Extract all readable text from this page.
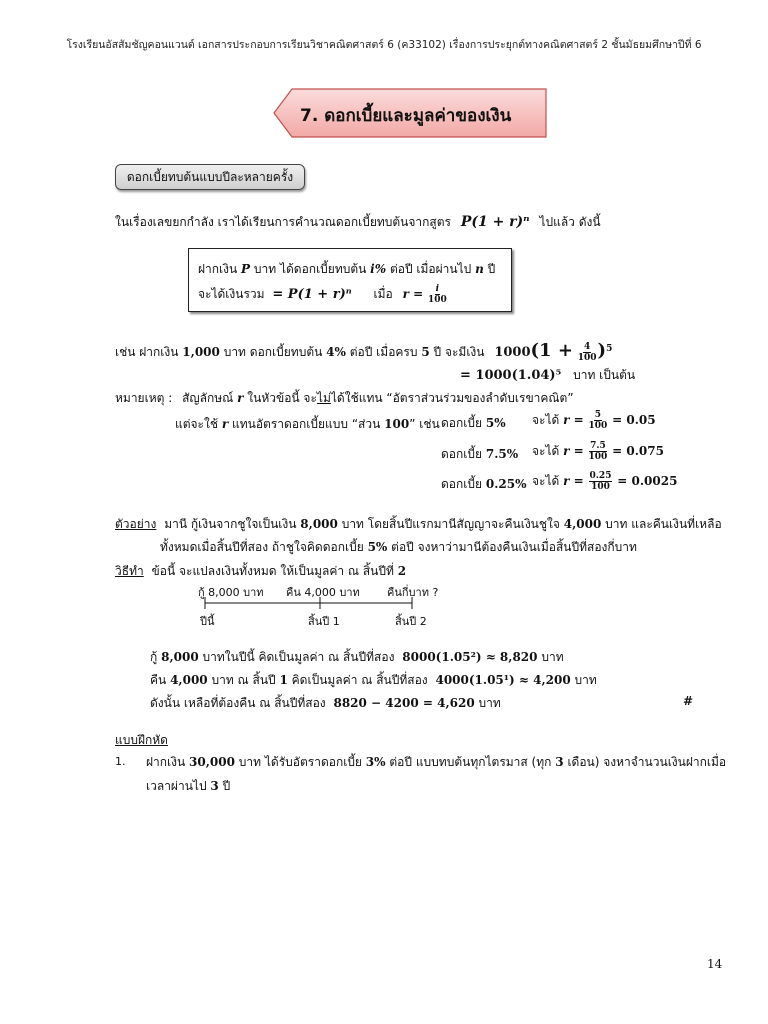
โรงเรียนอัสสัมชัญคอนแวนต์ เอกสารประกอบการเรียนวิชาคณิตศาสตร์ 6 (ค33102) เรื่องการประยุกต์ทางคณิตศาสตร์ 2 ชั้นมัธยมศึกษาปีที่ 6
7. ดอกเบี้ยและมูลค่าของเงิน
ดอกเบี้ยทบต้นแบบปีละหลายครั้ง
ในเรื่องเลขยกกำลัง เราได้เรียนการคำนวณดอกเบี้ยทบต้นจากสูตร P(1 + r)ⁿ ไปแล้ว ดังนี้
ฝากเงิน P บาท ได้ดอกเบี้ยทบต้น i% ต่อปี เมื่อผ่านไป n ปี
จะได้เงินรวม = P(1 + r)ⁿ เมื่อ $r = \frac{i}{100}$
เช่น ฝากเงิน 1,000 บาท ดอกเบี้ยทบต้น 4% ต่อปี เมื่อครบ 5 ปี จะมีเงิน $1000(1 + \frac{4}{100} )^5$
= 1000(1.04)⁵ บาท เป็นต้น
หมายเหตุ : สัญลักษณ์ r ในหัวข้อนี้ จะไม่ได้ใช้แทน “อัตราส่วนร่วมของลำดับเรขาคณิต”
แต่จะใช้ r แทนอัตราดอกเบี้ยแบบ “ส่วน 100” เช่น ดอกเบี้ย 5% จะได้ $r = \frac{5}{100} = 0.05$
ดอกเบี้ย 7.5% จะได้ $r = \frac{7.5}{100} = 0.075$
ดอกเบี้ย 0.25% จะได้ $r = \frac{0.25}{100} = 0.0025$
ตัวอย่าง มานี กู้เงินจากชูใจเป็นเงิน 8,000 บาท โดยสิ้นปีแรกมานีสัญญาจะคืนเงินชูใจ 4,000 บาท และคืนเงินที่เหลือ
ทั้งหมดเมื่อสิ้นปีที่สอง ถ้าชูใจคิดดอกเบี้ย 5% ต่อปี จงหาว่ามานีต้องคืนเงินเมื่อสิ้นปีที่สองกี่บาท
วิธีทำ ข้อนี้ จะแปลงเงินทั้งหมด ให้เป็นมูลค่า ณ สิ้นปีที่ 2
กู้ 8,000 บาท คืน 4,000 บาท คืนกี่บาท ?
ปีนี้	สิ้นปี 1	สิ้นปี 2
กู้ 8,000 บาทในปีนี้ คิดเป็นมูลค่า ณ สิ้นปีที่สอง 8000(1.05²) ≈ 8,820 บาท
คืน 4,000 บาท ณ สิ้นปี 1 คิดเป็นมูลค่า ณ สิ้นปีที่สอง 4000(1.05¹) ≈ 4,200 บาท
ดังนั้น เหลือที่ต้องคืน ณ สิ้นปีที่สอง 8820 − 4200 = 4,620 บาท	#
แบบฝึกหัด
1. ฝากเงิน 30,000 บาท ได้รับอัตราดอกเบี้ย 3% ต่อปี แบบทบต้นทุกไตรมาส (ทุก 3 เดือน) จงหาจำนวนเงินฝากเมื่อ
เวลาผ่านไป 3 ปี
14
